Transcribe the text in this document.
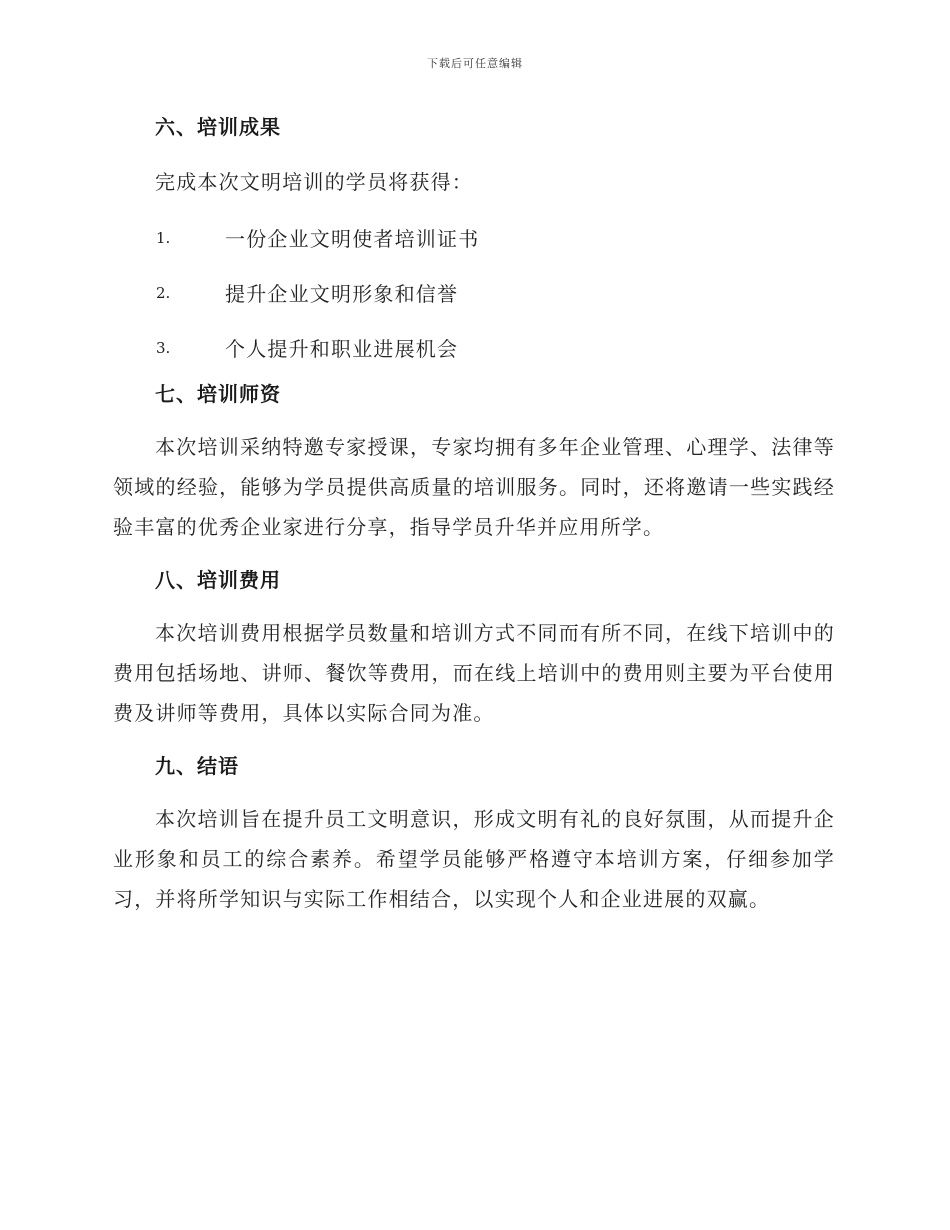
下载后可任意编辑
六、培训成果

完成本次文明培训的学员将获得：

1.	一份企业文明使者培训证书
2.	提升企业文明形象和信誉
3.	个人提升和职业进展机会
七、培训师资

本次培训采纳特邀专家授课，专家均拥有多年企业管理、心理学、法律等领域的经验，能够为学员提供高质量的培训服务。同时，还将邀请一些实践经验丰富的优秀企业家进行分享，指导学员升华并应用所学。

八、培训费用

本次培训费用根据学员数量和培训方式不同而有所不同，在线下培训中的费用包括场地、讲师、餐饮等费用，而在线上培训中的费用则主要为平台使用费及讲师等费用，具体以实际合同为准。

九、结语

本次培训旨在提升员工文明意识，形成文明有礼的良好氛围，从而提升企业形象和员工的综合素养。希望学员能够严格遵守本培训方案，仔细参加学习，并将所学知识与实际工作相结合，以实现个人和企业进展的双赢。
